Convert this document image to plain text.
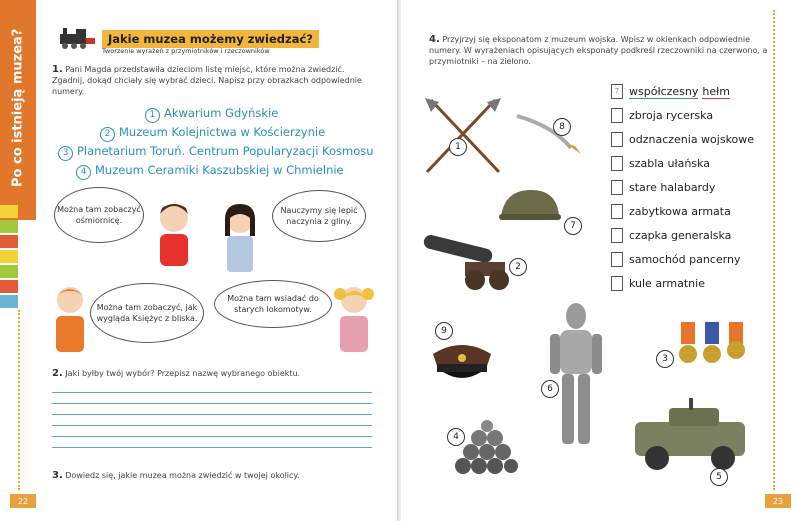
Po co istnieją muzea?	Jakie muzea możemy zwiedzać?
Tworzenie wyrażeń z przymiotników i rzeczowników
1. Pani Magda przedstawiła dzieciom listę miejsc, które można zwiedzić. Zgadnij, dokąd chciały się wybrać dzieci. Napisz przy obrazkach odpowiednie numery.
1 Akwarium Gdyńskie
2 Muzeum Kolejnictwa w Kościerzynie
3 Planetarium Toruń. Centrum Popularyzacji Kosmosu
4 Muzeum Ceramiki Kaszubskiej w Chmielnie
Można tam zobaczyć ośmiornicę.
Nauczymy się lepić naczynia z gliny.
Można tam zobaczyć, jak wygląda Księżyc z bliska.
Można tam wsiadać do starych lokomotyw.
2. Jaki byłby twój wybór? Przepisz nazwę wybranego obiektu.
3. Dowiedz się, jakie muzea można zwiedzić w twojej okolicy.
22
4. Przyjrzyj się eksponatom z muzeum wojska. Wpisz w okienkach odpowiednie numery. W wyrażeniach opisujących eksponaty podkreśl rzeczowniki na czerwono, a przymiotniki – na zielono.
7 współczesny hełm
zbroja rycerska
odznaczenia wojskowe
szabla ułańska
stare halabardy
zabytkowa armata
czapka generalska
samochód pancerny
kule armatnie
1
8
7
2
9
6
3
4
5
23
